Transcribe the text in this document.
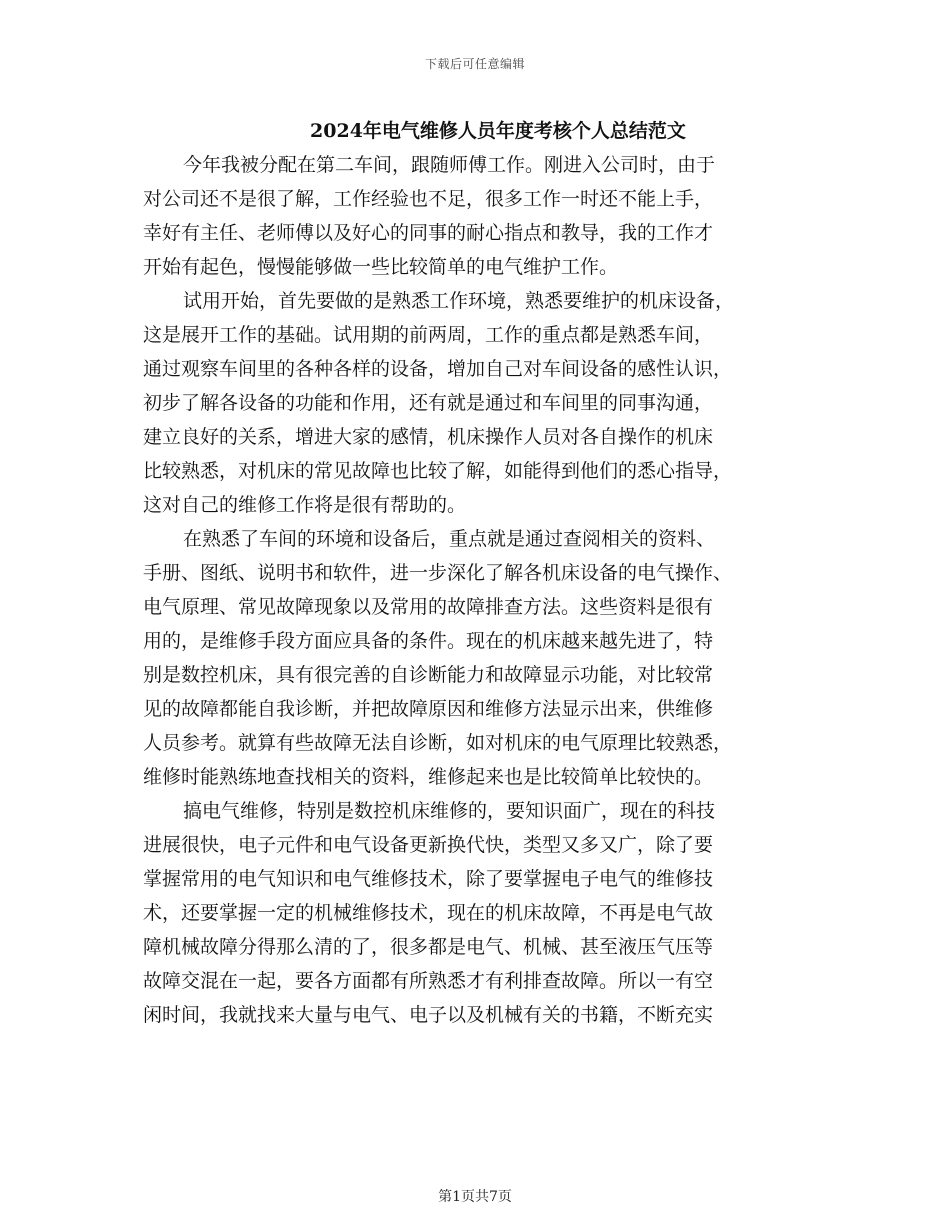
下载后可任意编辑
2024年电气维修人员年度考核个人总结范文
今年我被分配在第二车间，跟随师傅工作。刚进入公司时，由于
对公司还不是很了解，工作经验也不足，很多工作一时还不能上手，
幸好有主任、老师傅以及好心的同事的耐心指点和教导，我的工作才
开始有起色，慢慢能够做一些比较简单的电气维护工作。
试用开始，首先要做的是熟悉工作环境，熟悉要维护的机床设备，
这是展开工作的基础。试用期的前两周，工作的重点都是熟悉车间，
通过观察车间里的各种各样的设备，增加自己对车间设备的感性认识，
初步了解各设备的功能和作用，还有就是通过和车间里的同事沟通，
建立良好的关系，增进大家的感情，机床操作人员对各自操作的机床
比较熟悉，对机床的常见故障也比较了解，如能得到他们的悉心指导，
这对自己的维修工作将是很有帮助的。
在熟悉了车间的环境和设备后，重点就是通过查阅相关的资料、
手册、图纸、说明书和软件，进一步深化了解各机床设备的电气操作、
电气原理、常见故障现象以及常用的故障排查方法。这些资料是很有
用的，是维修手段方面应具备的条件。现在的机床越来越先进了，特
别是数控机床，具有很完善的自诊断能力和故障显示功能，对比较常
见的故障都能自我诊断，并把故障原因和维修方法显示出来，供维修
人员参考。就算有些故障无法自诊断，如对机床的电气原理比较熟悉，
维修时能熟练地查找相关的资料，维修起来也是比较简单比较快的。
搞电气维修，特别是数控机床维修的，要知识面广，现在的科技
进展很快，电子元件和电气设备更新换代快，类型又多又广，除了要
掌握常用的电气知识和电气维修技术，除了要掌握电子电气的维修技
术，还要掌握一定的机械维修技术，现在的机床故障，不再是电气故
障机械故障分得那么清的了，很多都是电气、机械、甚至液压气压等
故障交混在一起，要各方面都有所熟悉才有利排查故障。所以一有空
闲时间，我就找来大量与电气、电子以及机械有关的书籍，不断充实
第1页共7页
